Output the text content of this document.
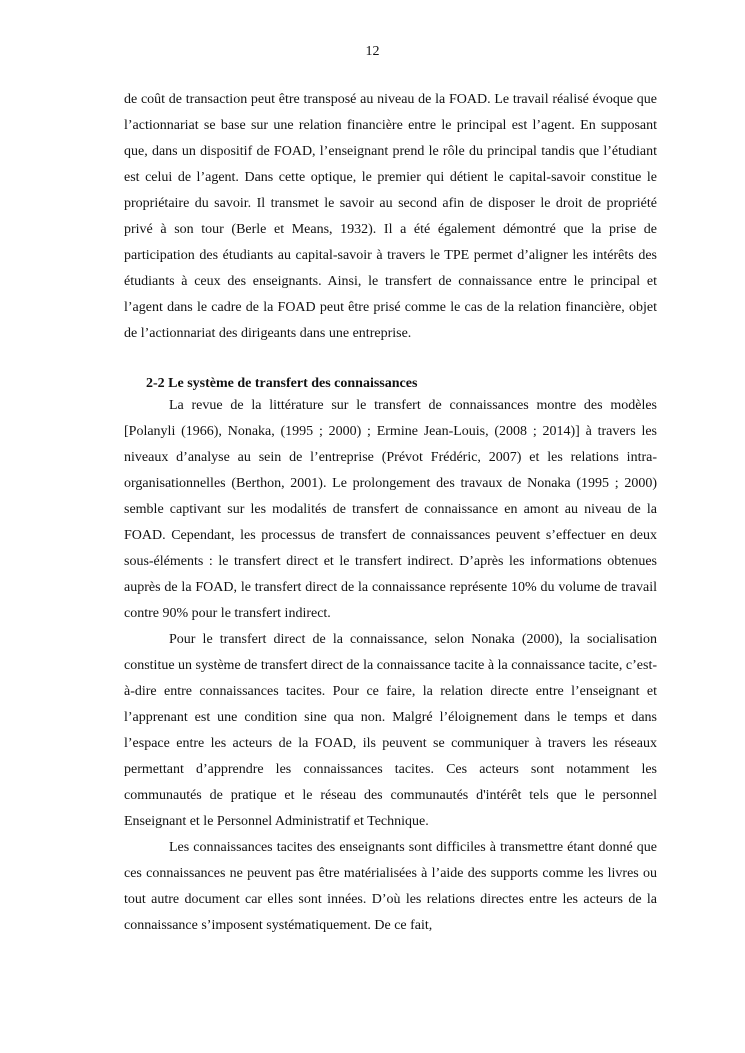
12

de coût de transaction peut être transposé au niveau de la FOAD. Le travail réalisé évoque que l’actionnariat se base sur une relation financière entre le principal est l’agent. En supposant que, dans un dispositif de FOAD, l’enseignant prend le rôle du principal tandis que l’étudiant est celui de l’agent. Dans cette optique, le premier qui détient le capital-savoir constitue le propriétaire du savoir. Il transmet le savoir au second afin de disposer le droit de propriété privé à son tour (Berle et Means, 1932). Il a été également démontré que la prise de participation des étudiants au capital-savoir à travers le TPE permet d’aligner les intérêts des étudiants à ceux des enseignants. Ainsi, le transfert de connaissance entre le principal et l’agent dans le cadre de la FOAD peut être prisé comme le cas de la relation financière, objet de l’actionnariat des dirigeants dans une entreprise.

2-2 Le système de transfert des connaissances

La revue de la littérature sur le transfert de connaissances montre des modèles [Polanyli (1966), Nonaka, (1995 ; 2000) ; Ermine Jean-Louis, (2008 ; 2014)] à travers les niveaux d’analyse au sein de l’entreprise (Prévot Frédéric, 2007) et les relations intra-organisationnelles (Berthon, 2001). Le prolongement des travaux de Nonaka (1995 ; 2000) semble captivant sur les modalités de transfert de connaissance en amont au niveau de la FOAD. Cependant, les processus de transfert de connaissances peuvent s’effectuer en deux sous-éléments : le transfert direct et le transfert indirect. D’après les informations obtenues auprès de la FOAD, le transfert direct de la connaissance représente 10% du volume de travail contre 90% pour le transfert indirect.

Pour le transfert direct de la connaissance, selon Nonaka (2000), la socialisation constitue un système de transfert direct de la connaissance tacite à la connaissance tacite, c’est-à-dire entre connaissances tacites. Pour ce faire, la relation directe entre l’enseignant et l’apprenant est une condition sine qua non. Malgré l’éloignement dans le temps et dans l’espace entre les acteurs de la FOAD, ils peuvent se communiquer à travers les réseaux permettant d’apprendre les connaissances tacites. Ces acteurs sont notamment les communautés de pratique et le réseau des communautés d'intérêt tels que le personnel Enseignant et le Personnel Administratif et Technique.

Les connaissances tacites des enseignants sont difficiles à transmettre étant donné que ces connaissances ne peuvent pas être matérialisées à l’aide des supports comme les livres ou tout autre document car elles sont innées. D’où les relations directes entre les acteurs de la connaissance s’imposent systématiquement. De ce fait,
